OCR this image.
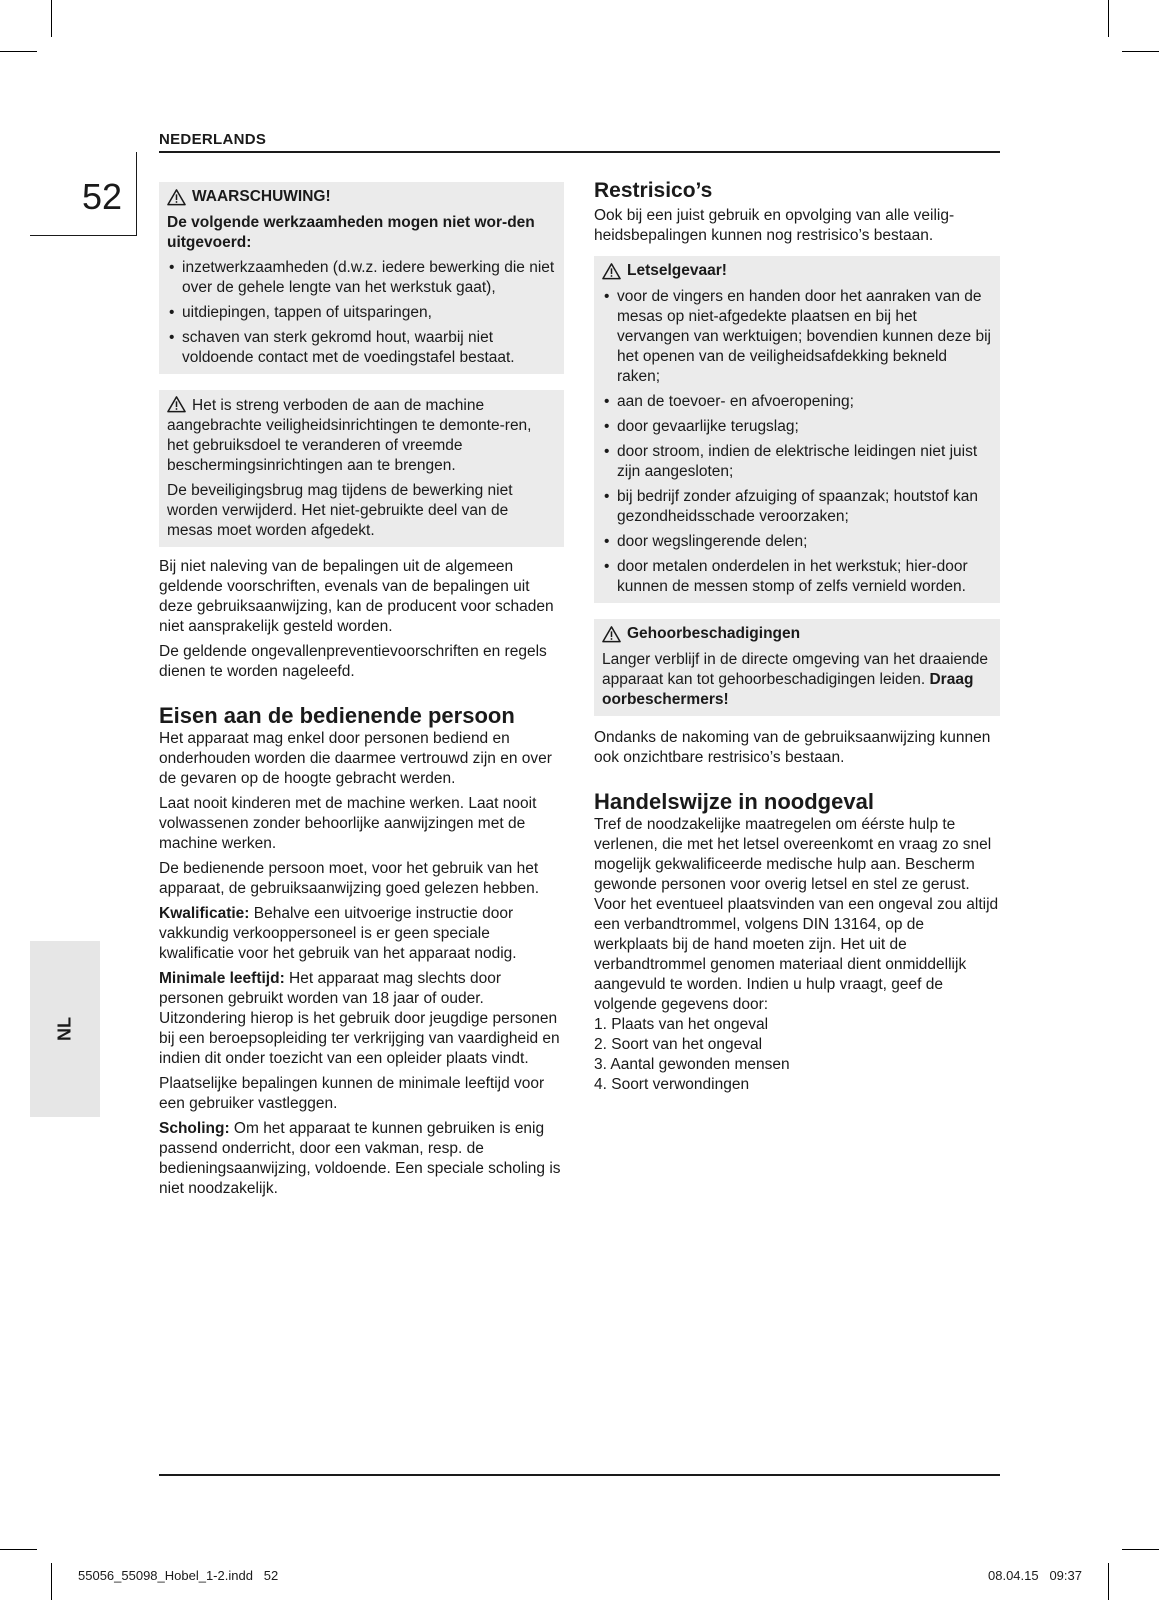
NEDERLANDS
52
NL
WAARSCHUWING!

De volgende werkzaamheden mogen niet wor-den uitgevoerd:

• inzetwerkzaamheden (d.w.z. iedere bewerking die niet over de gehele lengte van het werkstuk gaat),
• uitdiepingen, tappen of uitsparingen,
• schaven van sterk gekromd hout, waarbij niet voldoende contact met de voedingstafel bestaat.

Het is streng verboden de aan de machine aangebrachte veiligheidsinrichtingen te demonte-ren, het gebruiksdoel te veranderen of vreemde beschermingsinrichtingen aan te brengen.

De beveiligingsbrug mag tijdens de bewerking niet worden verwijderd. Het niet-gebruikte deel van de mesas moet worden afgedekt.

Bij niet naleving van de bepalingen uit de algemeen geldende voorschriften, evenals van de bepalingen uit deze gebruiksaanwijzing, kan de producent voor schaden niet aansprakelijk gesteld worden.

De geldende ongevallenpreventievoorschriften en regels dienen te worden nageleefd.

Eisen aan de bedienende persoon

Het apparaat mag enkel door personen bediend en onderhouden worden die daarmee vertrouwd zijn en over de gevaren op de hoogte gebracht werden.

Laat nooit kinderen met de machine werken. Laat nooit volwassenen zonder behoorlijke aanwijzingen met de machine werken.

De bedienende persoon moet, voor het gebruik van het apparaat, de gebruiksaanwijzing goed gelezen hebben.

Kwalificatie: Behalve een uitvoerige instructie door vakkundig verkooppersoneel is er geen speciale kwalificatie voor het gebruik van het apparaat nodig.

Minimale leeftijd: Het apparaat mag slechts door personen gebruikt worden van 18 jaar of ouder. Uitzondering hierop is het gebruik door jeugdige personen bij een beroepsopleiding ter verkrijging van vaardigheid en indien dit onder toezicht van een opleider plaats vindt.

Plaatselijke bepalingen kunnen de minimale leeftijd voor een gebruiker vastleggen.

Scholing: Om het apparaat te kunnen gebruiken is enig passend onderricht, door een vakman, resp. de bedieningsaanwijzing, voldoende. Een speciale scholing is niet noodzakelijk.

Restrisico’s

Ook bij een juist gebruik en opvolging van alle veilig-heidsbepalingen kunnen nog restrisico’s bestaan.

Letselgevaar!
• voor de vingers en handen door het aanraken van de mesas op niet-afgedekte plaatsen en bij het vervangen van werktuigen; bovendien kunnen deze bij het openen van de veiligheidsafdekking bekneld raken;
• aan de toevoer- en afvoeropening;
• door gevaarlijke terugslag;
• door stroom, indien de elektrische leidingen niet juist zijn aangesloten;
• bij bedrijf zonder afzuiging of spaanzak; houtstof kan gezondheidsschade veroorzaken;
• door wegslingerende delen;
• door metalen onderdelen in het werkstuk; hier-door kunnen de messen stomp of zelfs vernield worden.
Gehoorbeschadigingen

Langer verblijf in de directe omgeving van het draaiende apparaat kan tot gehoorbeschadigingen leiden. Draag oorbeschermers!

Ondanks de nakoming van de gebruiksaanwijzing kunnen ook onzichtbare restrisico’s bestaan.

Handelswijze in noodgeval

Tref de noodzakelijke maatregelen om éérste hulp te verlenen, die met het letsel overeenkomt en vraag zo snel mogelijk gekwalificeerde medische hulp aan. Bescherm gewonde personen voor overig letsel en stel ze gerust. Voor het eventueel plaatsvinden van een ongeval zou altijd een verbandtrommel, volgens DIN 13164, op de werkplaats bij de hand moeten zijn. Het uit de verbandtrommel genomen materiaal dient onmiddellijk aangevuld te worden. Indien u hulp vraagt, geef de volgende gegevens door:

1. Plaats van het ongeval
2. Soort van het ongeval
3. Aantal gewonden mensen
4. Soort verwondingen
55056_55098_Hobel_1-2.indd   52	08.04.15   09:37
